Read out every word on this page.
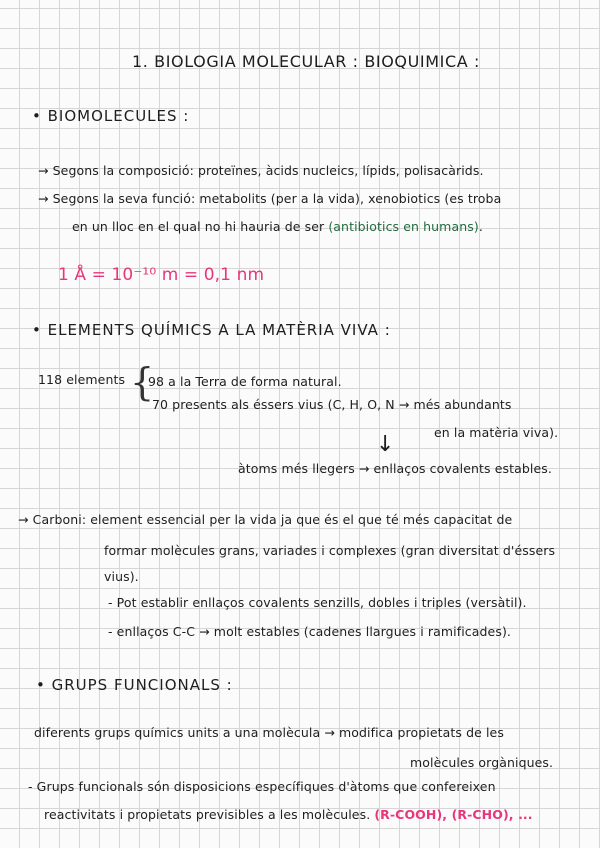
1. BIOLOGIA MOLECULAR : BIOQUIMICA :
• BIOMOLECULES :
→ Segons la composició: proteïnes, àcids nucleics, lípids, polisacàrids.
→ Segons la seva funció: metabolits (per a la vida), xenobiotics (es troba
en un lloc en el qual no hi hauria de ser (antibiotics en humans).
1 Å = 10⁻¹⁰ m = 0,1 nm
• ELEMENTS QUÍMICS A LA MATÈRIA VIVA :
118 elements {
98 a la Terra de forma natural.
70 presents als éssers vius (C, H, O, N → més abundants
en la matèria viva).
↓
àtoms més llegers → enllaços covalents estables.
→ Carboni: element essencial per la vida ja que és el que té més capacitat de
formar molècules grans, variades i complexes (gran diversitat d'éssers
vius).
- Pot establir enllaços covalents senzills, dobles i triples (versàtil).
- enllaços C-C → molt estables (cadenes llargues i ramificades).
• GRUPS FUNCIONALS :
diferents grups químics units a una molècula → modifica propietats de les
molècules orgàniques.
- Grups funcionals són disposicions específiques d'àtoms que confereixen
reactivitats i propietats previsibles a les molècules. (R-COOH), (R-CHO), ...
